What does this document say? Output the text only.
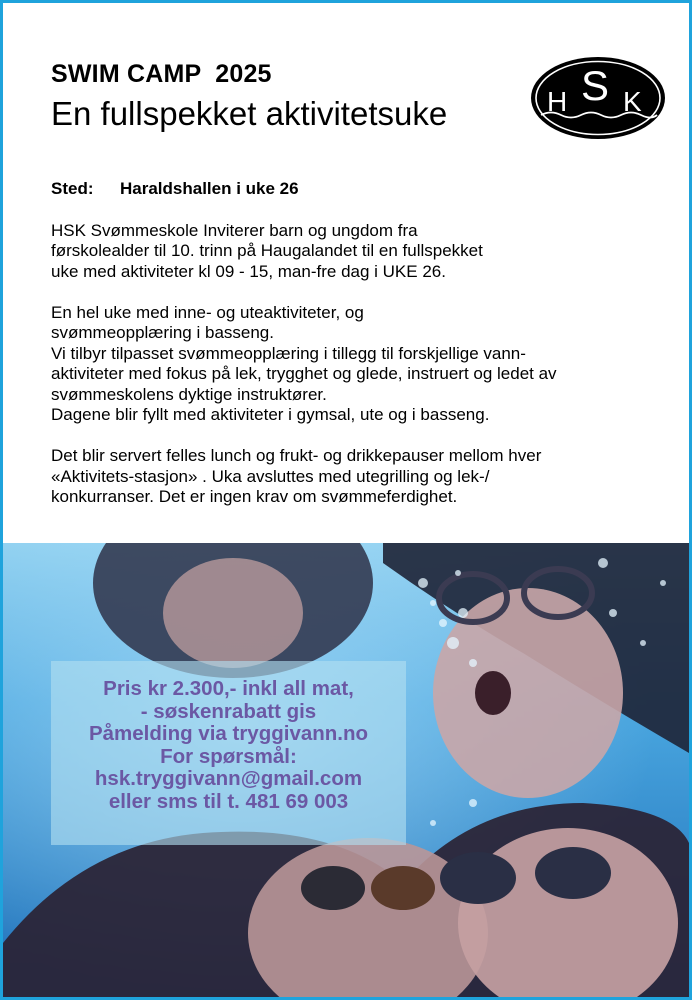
SWIM CAMP  2025
En fullspekket aktivitetsuke	H S K
Sted: Haraldshallen i uke 26

HSK Svømmeskole Inviterer barn og ungdom fra
førskolealder til 10. trinn på Haugalandet til en fullspekket
uke med aktiviteter kl 09 - 15, man-fre dag i UKE 26.

En hel uke med inne- og uteaktiviteter, og
svømmeopplæring i basseng.
Vi tilbyr tilpasset svømmeopplæring i tillegg til forskjellige vann-
aktiviteter med fokus på lek, trygghet og glede, instruert og ledet av
svømmeskolens dyktige instruktører.
Dagene blir fyllt med aktiviteter i gymsal, ute og i basseng.

Det blir servert felles lunch og frukt- og drikkepauser mellom hver
«Aktivitets-stasjon» . Uka avsluttes med utegrilling og lek-/
konkurranser. Det er ingen krav om svømmeferdighet.

Pris kr 2.300,- inkl all mat,
- søskenrabatt gis
Påmelding via tryggivann.no
For spørsmål:
hsk.tryggivann@gmail.com
eller sms til t. 481 69 003
